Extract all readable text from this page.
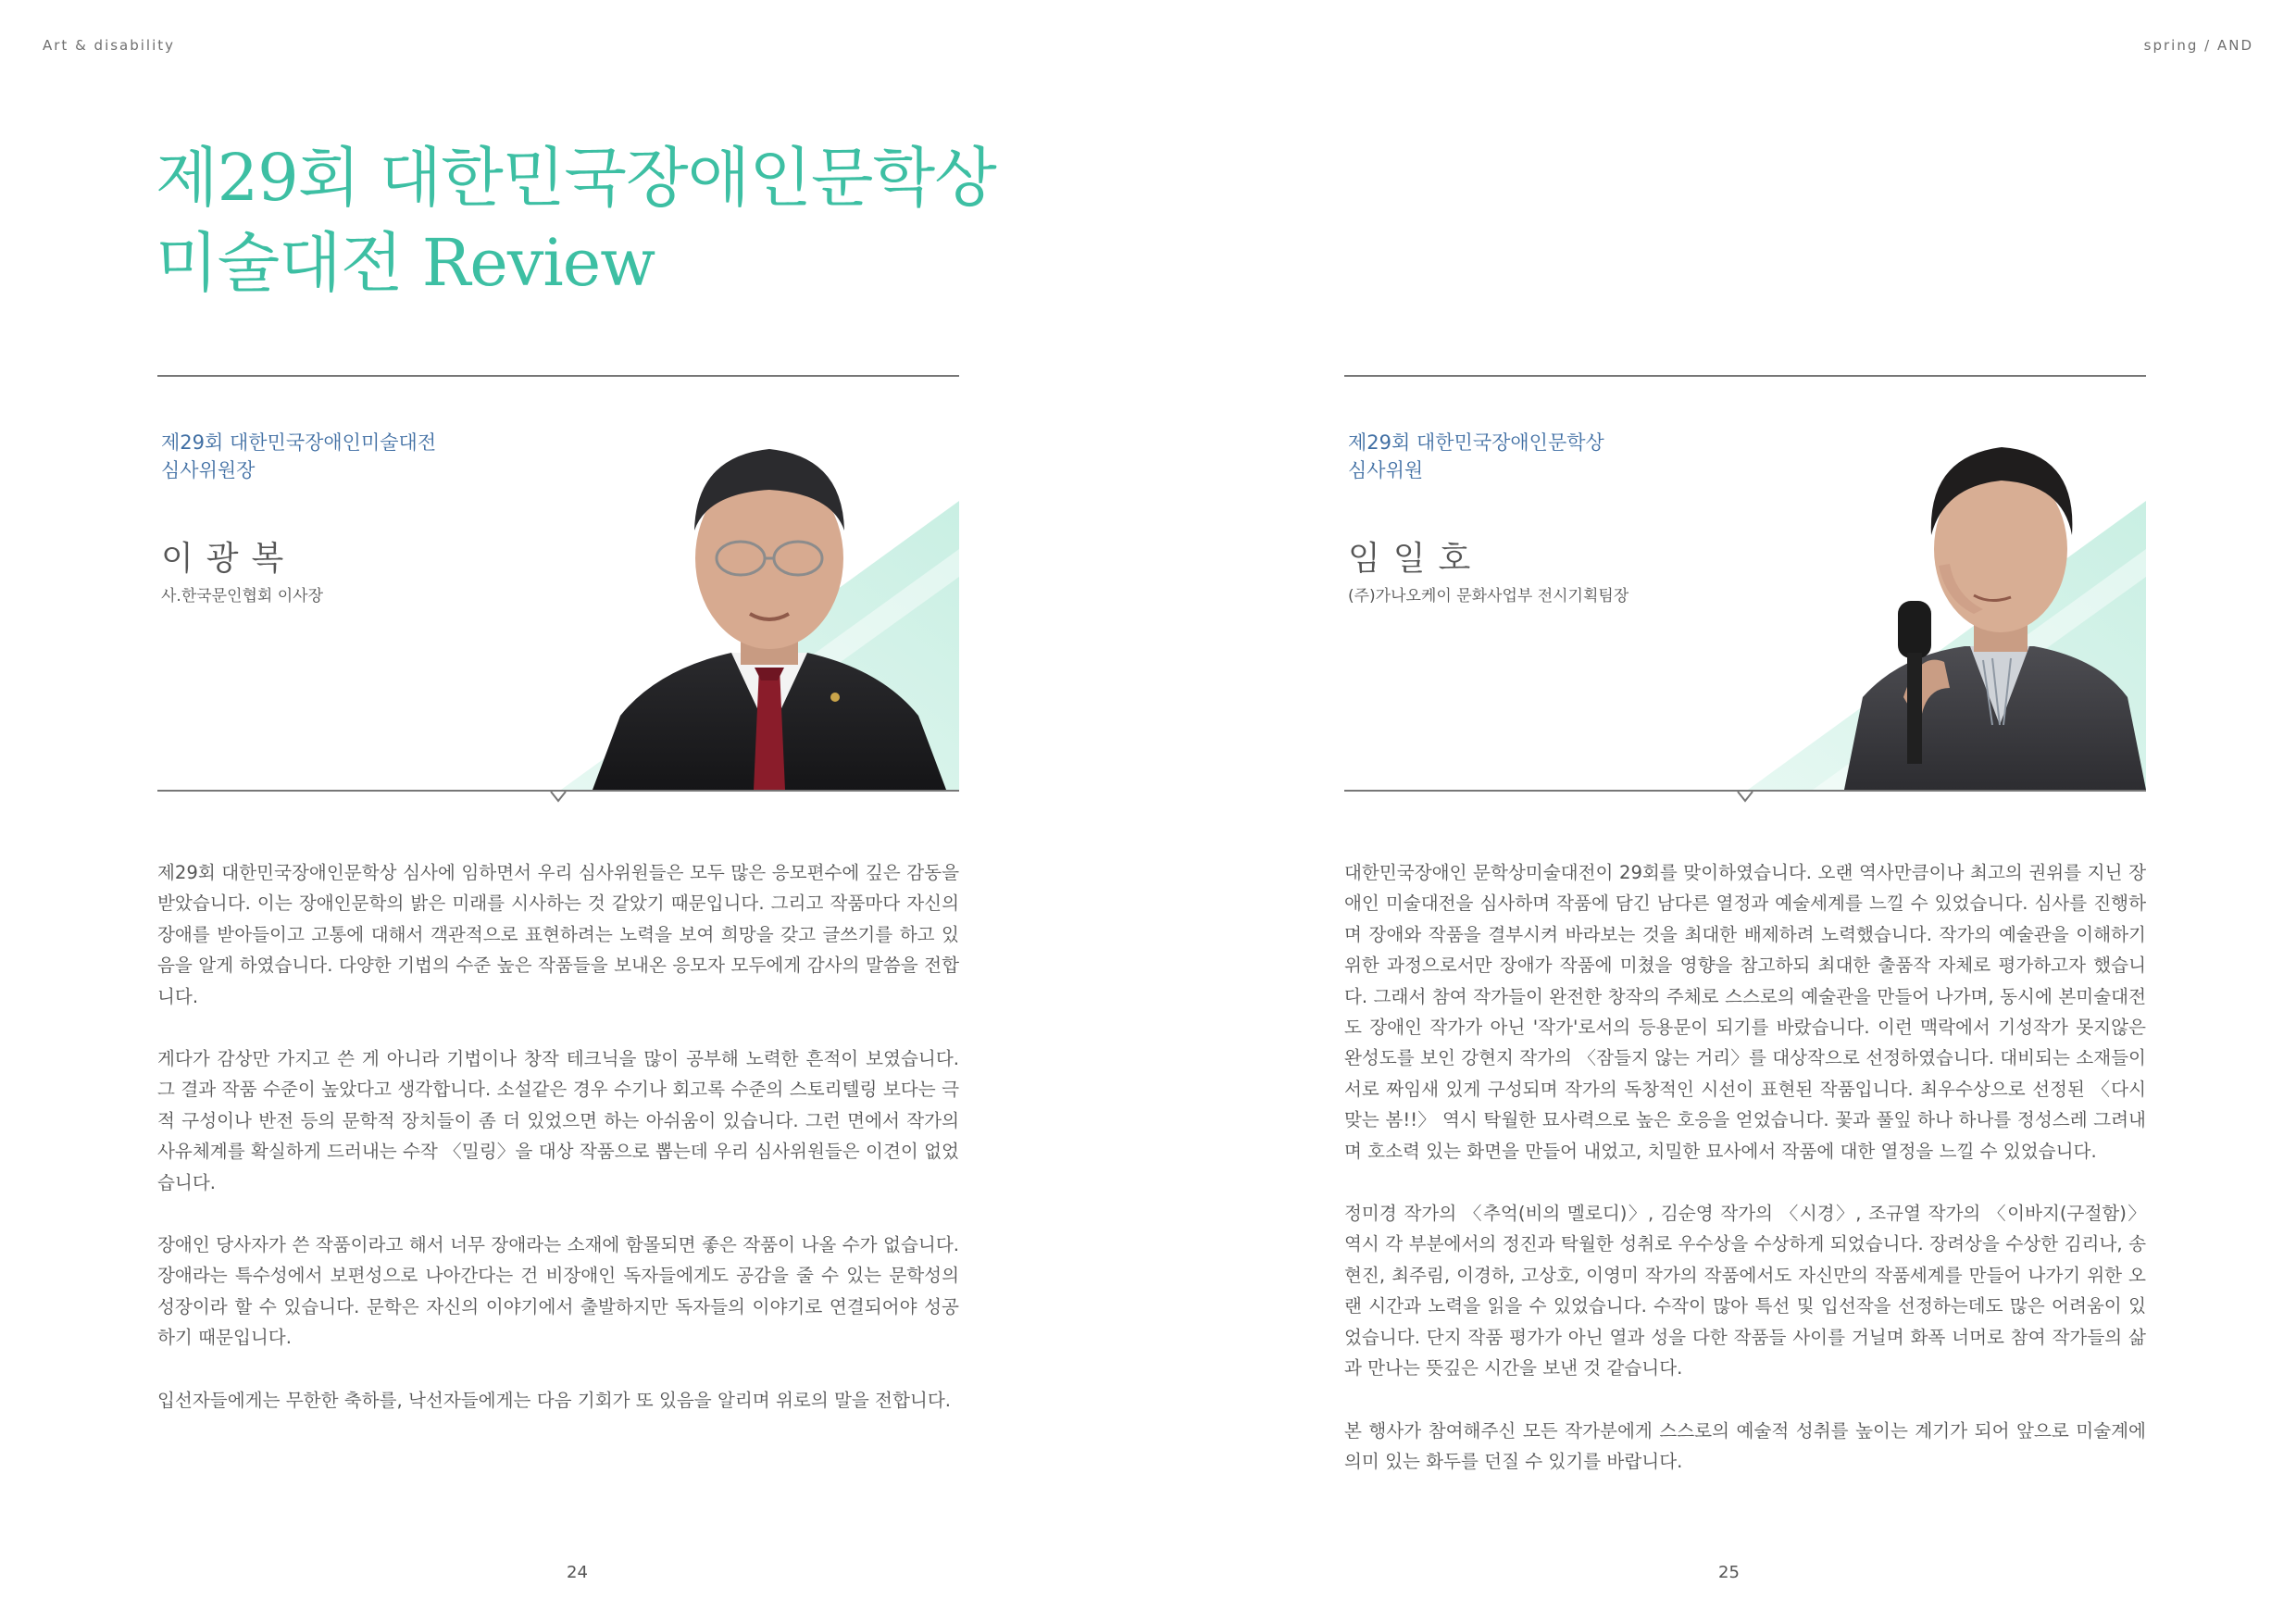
Art & disability	spring / AND
제29회 대한민국장애인문학상
미술대전 Review
제29회 대한민국장애인미술대전
심사위원장
이광복
사.한국문인협회 이사장
제29회 대한민국장애인문학상
심사위원
임일호
(주)가나오케이 문화사업부 전시기획팀장

제29회 대한민국장애인문학상 심사에 임하면서 우리 심사위원들은 모두 많은 응모편수에 깊은 감동을 받았습니다. 이는 장애인문학의 밝은 미래를 시사하는 것 같았기 때문입니다. 그리고 작품마다 자신의 장애를 받아들이고 고통에 대해서 객관적으로 표현하려는 노력을 보여 희망을 갖고 글쓰기를 하고 있음을 알게 하였습니다. 다양한 기법의 수준 높은 작품들을 보내온 응모자 모두에게 감사의 말씀을 전합니다.

게다가 감상만 가지고 쓴 게 아니라 기법이나 창작 테크닉을 많이 공부해 노력한 흔적이 보였습니다. 그 결과 작품 수준이 높았다고 생각합니다. 소설같은 경우 수기나 회고록 수준의 스토리텔링 보다는 극적 구성이나 반전 등의 문학적 장치들이 좀 더 있었으면 하는 아쉬움이 있습니다. 그런 면에서 작가의 사유체계를 확실하게 드러내는 수작 〈밀링〉을 대상 작품으로 뽑는데 우리 심사위원들은 이견이 없었습니다.

장애인 당사자가 쓴 작품이라고 해서 너무 장애라는 소재에 함몰되면 좋은 작품이 나올 수가 없습니다. 장애라는 특수성에서 보편성으로 나아간다는 건 비장애인 독자들에게도 공감을 줄 수 있는 문학성의 성장이라 할 수 있습니다. 문학은 자신의 이야기에서 출발하지만 독자들의 이야기로 연결되어야 성공하기 때문입니다.

입선자들에게는 무한한 축하를, 낙선자들에게는 다음 기회가 또 있음을 알리며 위로의 말을 전합니다.

대한민국장애인 문학상미술대전이 29회를 맞이하였습니다. 오랜 역사만큼이나 최고의 권위를 지닌 장애인 미술대전을 심사하며 작품에 담긴 남다른 열정과 예술세계를 느낄 수 있었습니다. 심사를 진행하며 장애와 작품을 결부시켜 바라보는 것을 최대한 배제하려 노력했습니다. 작가의 예술관을 이해하기 위한 과정으로서만 장애가 작품에 미쳤을 영향을 참고하되 최대한 출품작 자체로 평가하고자 했습니다. 그래서 참여 작가들이 완전한 창작의 주체로 스스로의 예술관을 만들어 나가며, 동시에 본미술대전도 장애인 작가가 아닌 '작가'로서의 등용문이 되기를 바랐습니다. 이런 맥락에서 기성작가 못지않은 완성도를 보인 강현지 작가의 〈잠들지 않는 거리〉를 대상작으로 선정하였습니다. 대비되는 소재들이 서로 짜임새 있게 구성되며 작가의 독창적인 시선이 표현된 작품입니다. 최우수상으로 선정된 〈다시 맞는 봄!!〉 역시 탁월한 묘사력으로 높은 호응을 얻었습니다. 꽃과 풀잎 하나 하나를 정성스레 그려내며 호소력 있는 화면을 만들어 내었고, 치밀한 묘사에서 작품에 대한 열정을 느낄 수 있었습니다.

정미경 작가의 〈추억(비의 멜로디)〉, 김순영 작가의 〈시경〉, 조규열 작가의 〈이바지(구절함)〉 역시 각 부분에서의 정진과 탁월한 성취로 우수상을 수상하게 되었습니다. 장려상을 수상한 김리나, 송현진, 최주림, 이경하, 고상호, 이영미 작가의 작품에서도 자신만의 작품세계를 만들어 나가기 위한 오랜 시간과 노력을 읽을 수 있었습니다. 수작이 많아 특선 및 입선작을 선정하는데도 많은 어려움이 있었습니다. 단지 작품 평가가 아닌 열과 성을 다한 작품들 사이를 거닐며 화폭 너머로 참여 작가들의 삶과 만나는 뜻깊은 시간을 보낸 것 같습니다.

본 행사가 참여해주신 모든 작가분에게 스스로의 예술적 성취를 높이는 계기가 되어 앞으로 미술계에 의미 있는 화두를 던질 수 있기를 바랍니다.

24	25
